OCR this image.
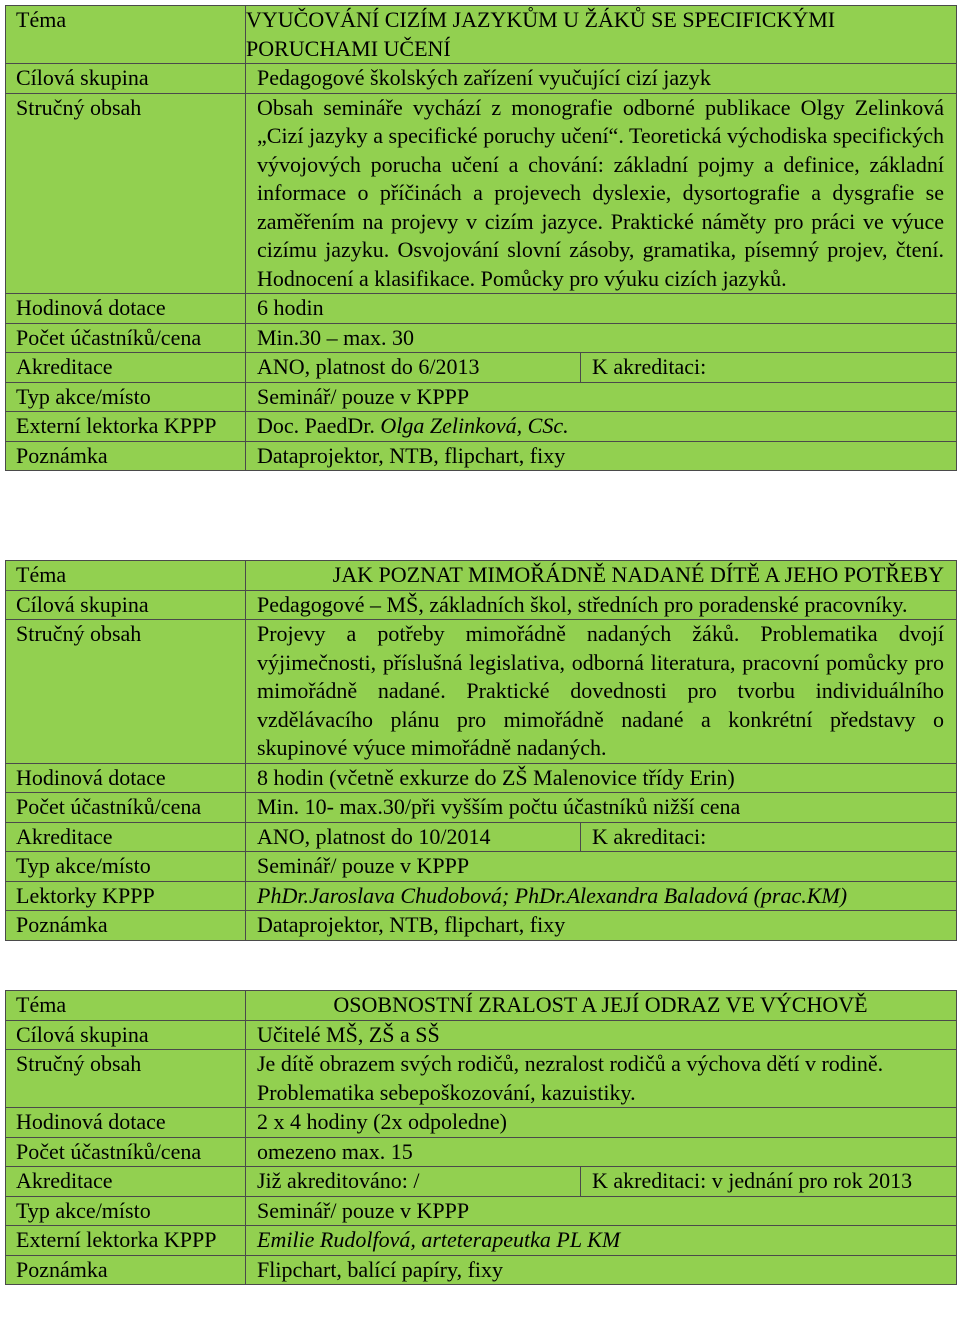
Téma	VYUČOVÁNÍ CIZÍM JAZYKŮM U ŽÁKŮ SE SPECIFICKÝMI PORUCHAMI UČENÍ	
Cílová skupina	Pedagogové školských zařízení vyučující cizí jazyk	
Stručný obsah	Obsah semináře vychází z monografie odborné publikace Olgy Zelinková „Cizí jazyky a specifické poruchy učení“. Teoretická východiska specifických vývojových porucha učení a chování: základní pojmy a definice, základní informace o příčinách a projevech dyslexie, dysortografie a dysgrafie se zaměřením na projevy v cizím jazyce. Praktické náměty pro práci ve výuce cizímu jazyku. Osvojování slovní zásoby, gramatika, písemný projev, čtení. Hodnocení a klasifikace. Pomůcky pro výuku cizích jazyků.	
Hodinová dotace	6 hodin	
Počet účastníků/cena	Min.30 – max. 30	
Akreditace	ANO, platnost do 6/2013	K akreditaci:
Typ akce/místo	Seminář/ pouze v KPPP	
Externí lektorka KPPP	Doc. PaedDr. Olga Zelinková, CSc.	
Poznámka	Dataprojektor, NTB, flipchart, fixy	
Téma	JAK POZNAT MIMOŘÁDNĚ NADANÉ DÍTĚ A JEHO POTŘEBY	
Cílová skupina	Pedagogové – MŠ, základních škol, středních pro poradenské pracovníky.	
Stručný obsah	Projevy a potřeby mimořádně nadaných žáků. Problematika dvojí výjimečnosti, příslušná legislativa, odborná literatura, pracovní pomůcky pro mimořádně nadané. Praktické dovednosti pro tvorbu individuálního vzdělávacího plánu pro mimořádně nadané a konkrétní představy o skupinové výuce mimořádně nadaných.	
Hodinová dotace	8 hodin (včetně exkurze do ZŠ Malenovice třídy Erin)	
Počet účastníků/cena	Min. 10- max.30/při vyšším počtu účastníků nižší cena	
Akreditace	ANO, platnost do 10/2014	K akreditaci:
Typ akce/místo	Seminář/ pouze v KPPP	
Lektorky KPPP	PhDr.Jaroslava Chudobová; PhDr.Alexandra Baladová (prac.KM)	
Poznámka	Dataprojektor, NTB, flipchart, fixy	
Téma	OSOBNOSTNÍ ZRALOST A JEJÍ ODRAZ VE VÝCHOVĚ	
Cílová skupina	Učitelé MŠ, ZŠ a SŠ	
Stručný obsah	Je dítě obrazem svých rodičů, nezralost rodičů a výchova dětí v rodině. Problematika sebepoškozování, kazuistiky.	
Hodinová dotace	2 x 4 hodiny (2x odpoledne)	
Počet účastníků/cena	omezeno max. 15	
Akreditace	Již akreditováno: /	K akreditaci: v jednání pro rok 2013
Typ akce/místo	Seminář/ pouze v KPPP	
Externí lektorka KPPP	Emilie Rudolfová, arteterapeutka PL KM	
Poznámka	Flipchart, balící papíry, fixy	
